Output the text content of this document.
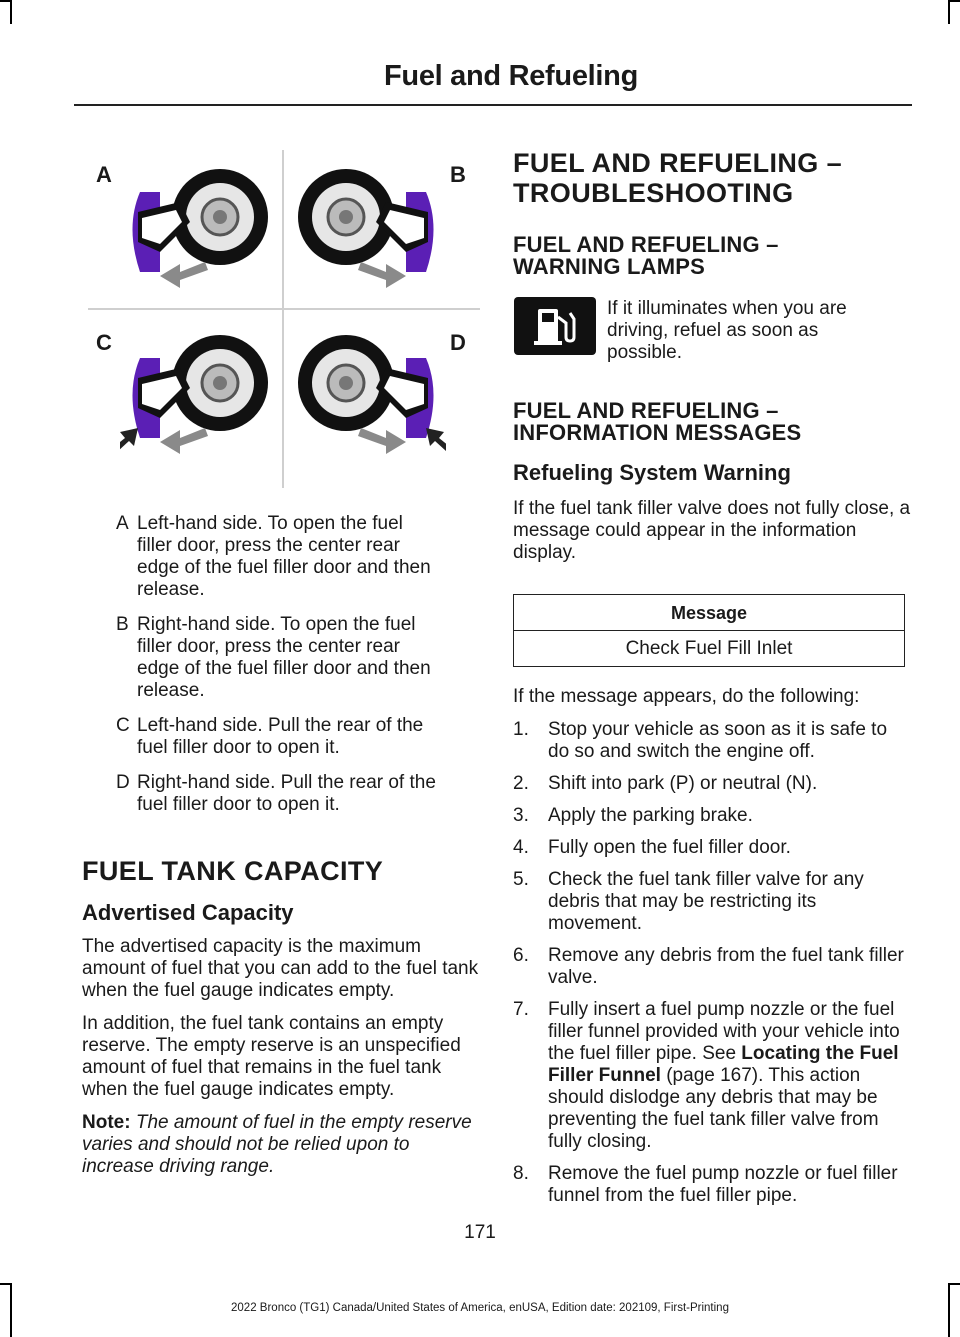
Fuel and Refueling
A	B
C	D
A Left-hand side. To open the fuel filler door, press the center rear edge of the fuel filler door and then release.
B Right-hand side. To open the fuel filler door, press the center rear edge of the fuel filler door and then release.
C Left-hand side. Pull the rear of the fuel filler door to open it.
D Right-hand side. Pull the rear of the fuel filler door to open it.
FUEL TANK CAPACITY
Advertised Capacity

The advertised capacity is the maximum amount of fuel that you can add to the fuel tank when the fuel gauge indicates empty.

In addition, the fuel tank contains an empty reserve. The empty reserve is an unspecified amount of fuel that remains in the fuel tank when the fuel gauge indicates empty.

Note: The amount of fuel in the empty reserve varies and should not be relied upon to increase driving range.

FUEL AND REFUELING –
TROUBLESHOOTING
FUEL AND REFUELING –
WARNING LAMPS
If it illuminates when you are driving, refuel as soon as possible.
FUEL AND REFUELING –
INFORMATION MESSAGES
Refueling System Warning

If the fuel tank filler valve does not fully close, a message could appear in the information display.

Message
Check Fuel Fill Inlet

If the message appears, do the following:

1.	Stop your vehicle as soon as it is safe to do so and switch the engine off.
2.	Shift into park (P) or neutral (N).
3.	Apply the parking brake.
4.	Fully open the fuel filler door.
5.	Check the fuel tank filler valve for any debris that may be restricting its movement.
6.	Remove any debris from the fuel tank filler valve.
7.	Fully insert a fuel pump nozzle or the fuel filler funnel provided with your vehicle into the fuel filler pipe. See Locating the Fuel Filler Funnel (page 167). This action should dislodge any debris that may be preventing the fuel tank filler valve from fully closing.
8.	Remove the fuel pump nozzle or fuel filler funnel from the fuel filler pipe.
171
2022 Bronco (TG1) Canada/United States of America, enUSA, Edition date: 202109, First-Printing
